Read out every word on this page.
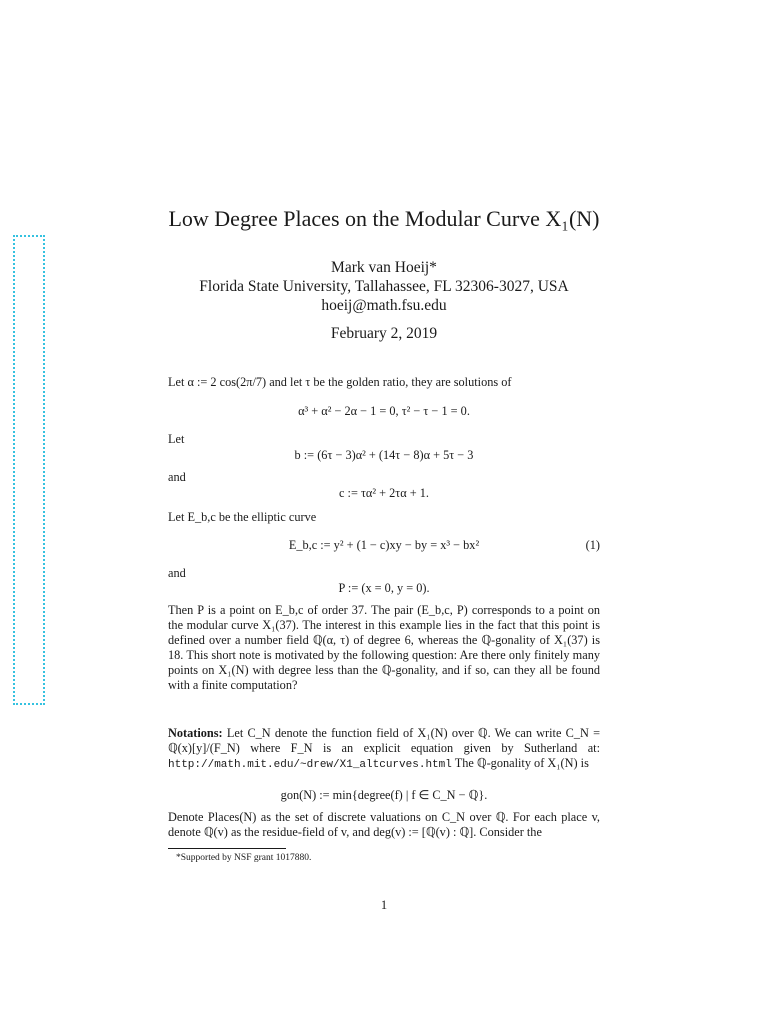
Low Degree Places on the Modular Curve X₁(N)
Mark van Hoeij*
Florida State University, Tallahassee, FL 32306-3027, USA
hoeij@math.fsu.edu
February 2, 2019
Let α := 2 cos(2π/7) and let τ be the golden ratio, they are solutions of
α³ + α² − 2α − 1 = 0, τ² − τ − 1 = 0.
Let
b := (6τ − 3)α² + (14τ − 8)α + 5τ − 3
and
c := τα² + 2τα + 1.
Let E_b,c be the elliptic curve
E_b,c := y² + (1 − c)xy − by = x³ − bx²	(1)
and
P := (x = 0, y = 0).
Then P is a point on E_b,c of order 37. The pair (E_b,c, P) corresponds to a point on the modular curve X₁(37). The interest in this example lies in the fact that this point is defined over a number field ℚ(α, τ) of degree 6, whereas the ℚ-gonality of X₁(37) is 18. This short note is motivated by the following question: Are there only finitely many points on X₁(N) with degree less than the ℚ-gonality, and if so, can they all be found with a finite computation?
Notations: Let C_N denote the function field of X₁(N) over ℚ. We can write C_N = ℚ(x)[y]/(F_N) where F_N is an explicit equation given by Sutherland at: http://math.mit.edu/~drew/X1_altcurves.html The ℚ-gonality of X₁(N) is
gon(N) := min{degree(f) | f ∈ C_N − ℚ}.
Denote Places(N) as the set of discrete valuations on C_N over ℚ. For each place v, denote ℚ(v) as the residue-field of v, and deg(v) := [ℚ(v) : ℚ]. Consider the
*Supported by NSF grant 1017880.
1
